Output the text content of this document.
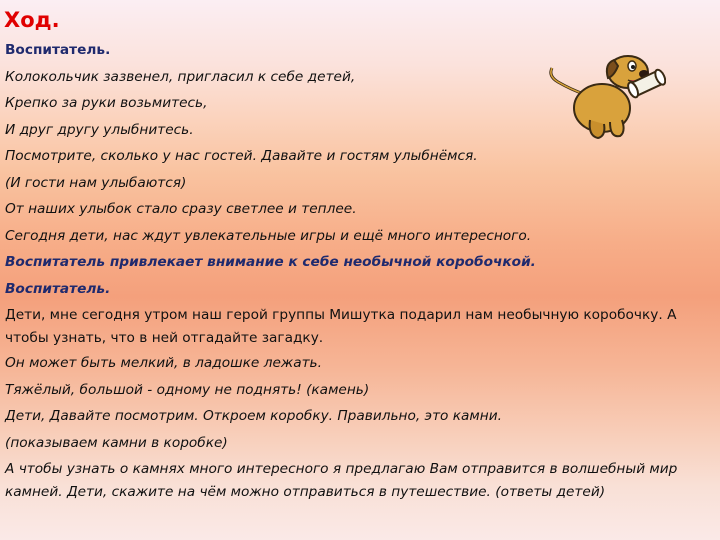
Ход.
Воспитатель.
Колокольчик зазвенел, пригласил к себе детей,
Крепко за руки возьмитесь,
И друг другу улыбнитесь.
Посмотрите, сколько у нас гостей. Давайте и гостям улыбнёмся.
(И гости нам улыбаются)
От наших улыбок стало сразу светлее и теплее.
Сегодня дети, нас ждут увлекательные игры и ещё много интересного.
Воспитатель привлекает внимание к себе необычной коробочкой.
Воспитатель.
Дети, мне сегодня утром наш герой группы Мишутка подарил нам необычную коробочку. А чтобы узнать, что в ней отгадайте загадку.
Он может быть мелкий, в ладошке лежать.
Тяжёлый, большой - одному не поднять! (камень)
Дети, Давайте посмотрим. Откроем коробку. Правильно, это камни.
(показываем камни в коробке)
А чтобы узнать о камнях много интересного я предлагаю Вам отправится в волшебный мир камней. Дети, скажите на чём можно отправиться в путешествие. (ответы детей)
